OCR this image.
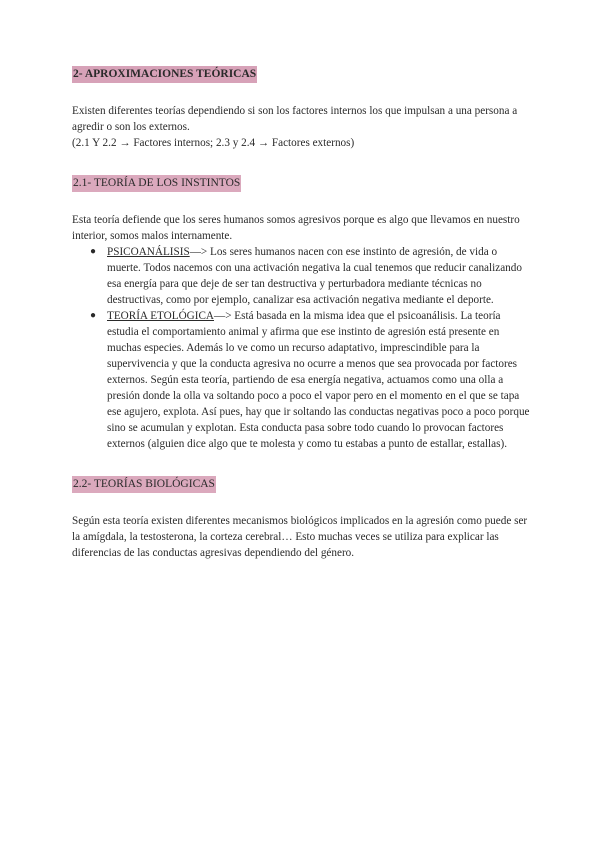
2- APROXIMACIONES TEÓRICAS

Existen diferentes teorías dependiendo si son los factores internos los que impulsan a una persona a agredir o son los externos.

(2.1 Y 2.2 → Factores internos; 2.3 y 2.4 → Factores externos)

2.1- TEORÍA DE LOS INSTINTOS

Esta teoría defiende que los seres humanos somos agresivos porque es algo que llevamos en nuestro interior, somos malos internamente.

● PSICOANÁLISIS—> Los seres humanos nacen con ese instinto de agresión, de vida o muerte. Todos nacemos con una activación negativa la cual tenemos que reducir canalizando esa energía para que deje de ser tan destructiva y perturbadora mediante técnicas no destructivas, como por ejemplo, canalizar esa activación negativa mediante el deporte.
● TEORÍA ETOLÓGICA—> Está basada en la misma idea que el psicoanálisis. La teoría estudia el comportamiento animal y afirma que ese instinto de agresión está presente en muchas especies. Además lo ve como un recurso adaptativo, imprescindible para la supervivencia y que la conducta agresiva no ocurre a menos que sea provocada por factores externos. Según esta teoría, partiendo de esa energía negativa, actuamos como una olla a presión donde la olla va soltando poco a poco el vapor pero en el momento en el que se tapa ese agujero, explota. Así pues, hay que ir soltando las conductas negativas poco a poco porque sino se acumulan y explotan. Esta conducta pasa sobre todo cuando lo provocan factores externos (alguien dice algo que te molesta y como tu estabas a punto de estallar, estallas).
2.2- TEORÍAS BIOLÓGICAS

Según esta teoría existen diferentes mecanismos biológicos implicados en la agresión como puede ser la amígdala, la testosterona, la corteza cerebral… Esto muchas veces se utiliza para explicar las diferencias de las conductas agresivas dependiendo del género.
